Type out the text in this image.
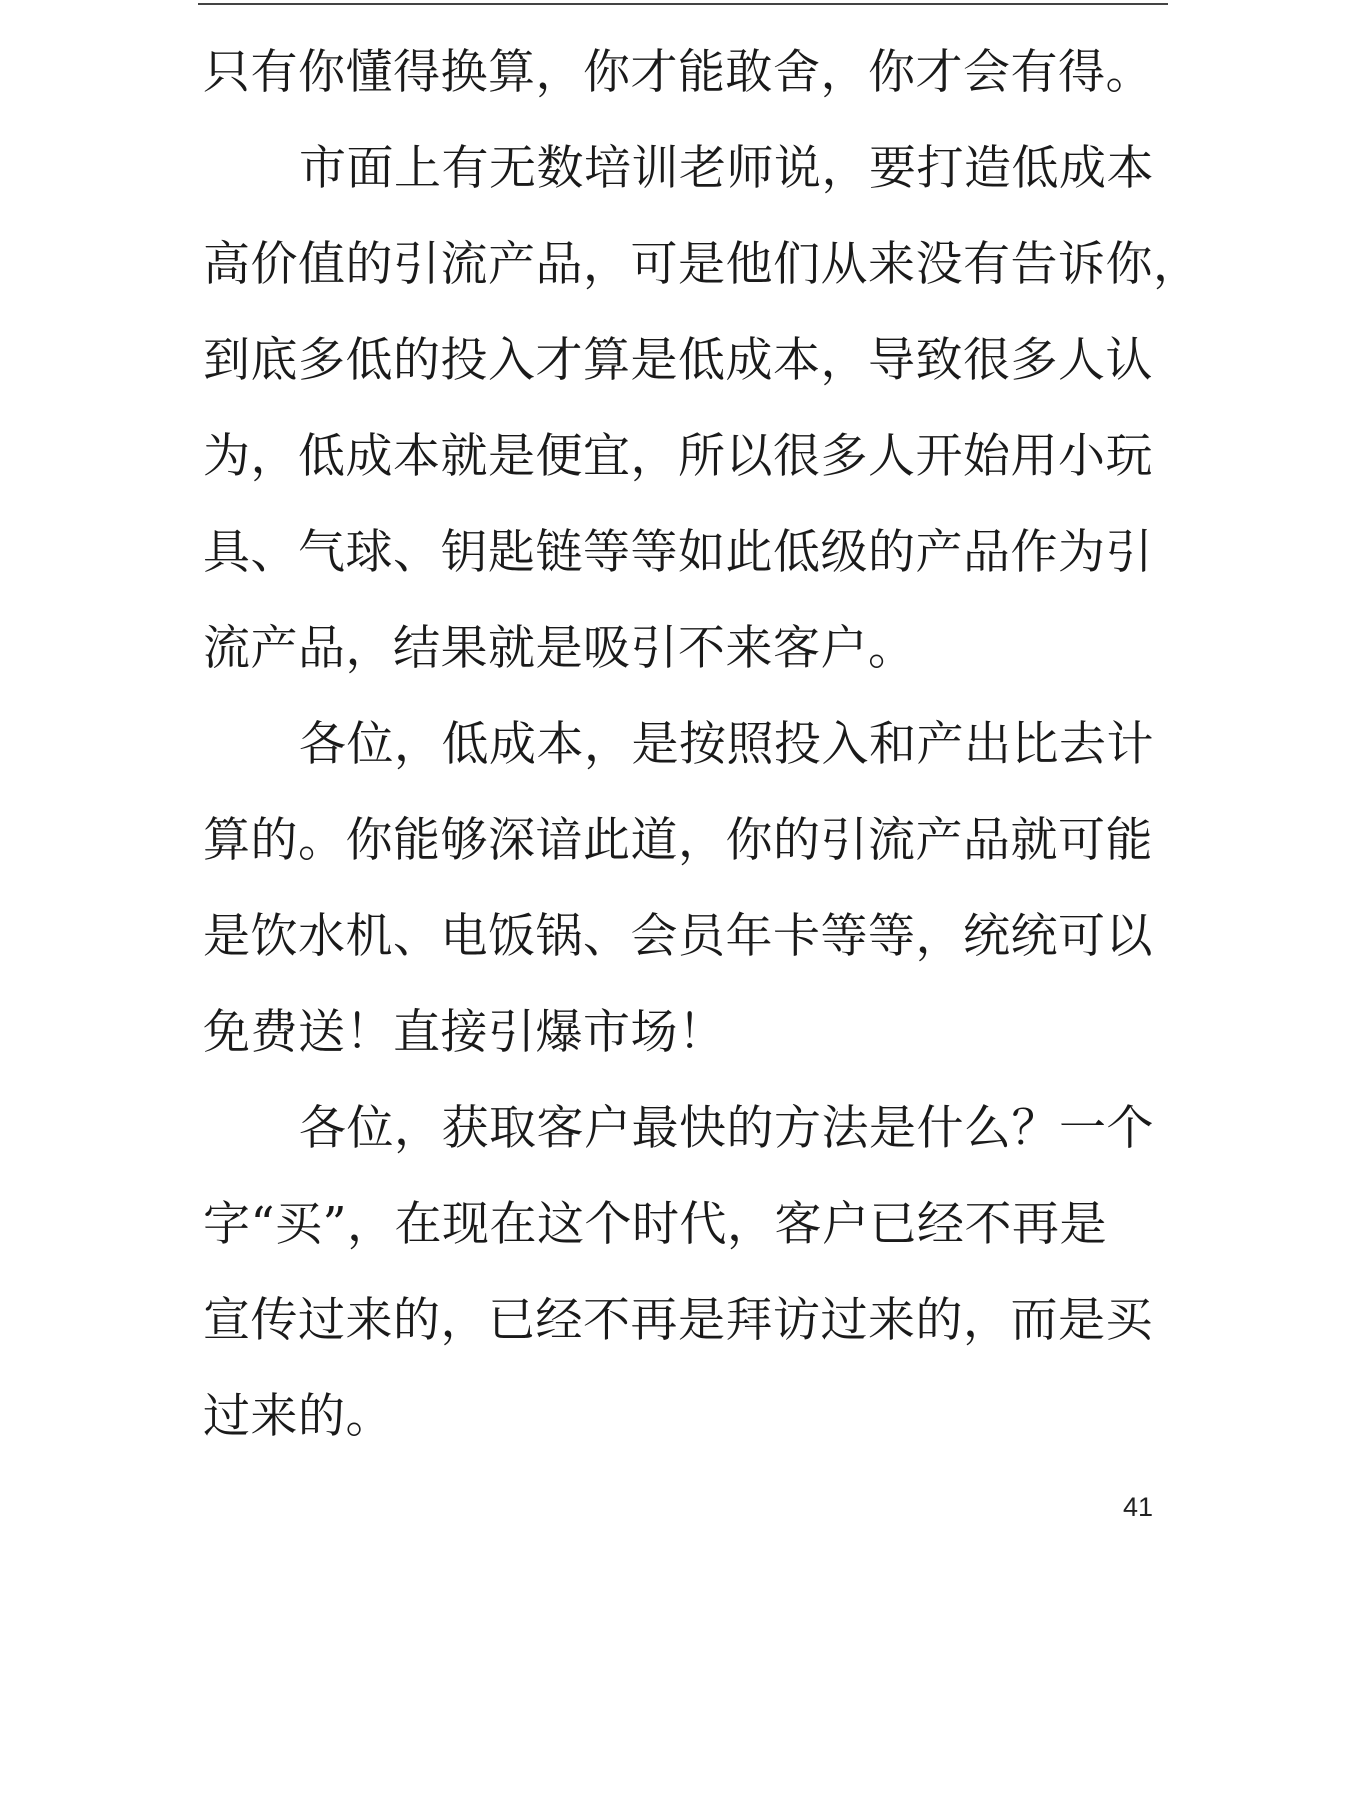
只有你懂得换算，你才能敢舍，你才会有得。
市面上有无数培训老师说，要打造低成本
高价值的引流产品，可是他们从来没有告诉你，
到底多低的投入才算是低成本，导致很多人认
为，低成本就是便宜，所以很多人开始用小玩
具、气球、钥匙链等等如此低级的产品作为引
流产品，结果就是吸引不来客户。
各位，低成本，是按照投入和产出比去计
算的。你能够深谙此道，你的引流产品就可能
是饮水机、电饭锅、会员年卡等等，统统可以
免费送！直接引爆市场！
各位，获取客户最快的方法是什么？一个
字“买”，在现在这个时代，客户已经不再是
宣传过来的，已经不再是拜访过来的，而是买
过来的。
41
